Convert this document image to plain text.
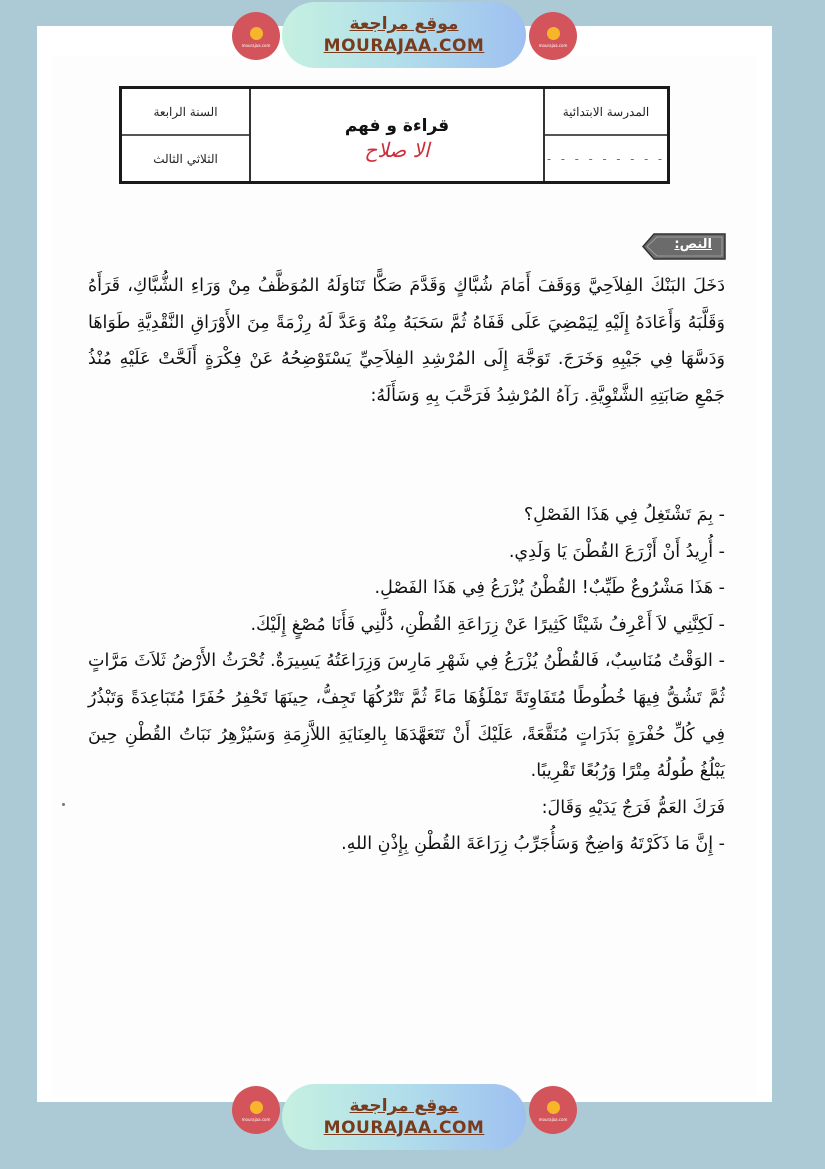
mourajaa.com
موقع مراجعة
MOURAJAA.COM	mourajaa.com
السنة الرابعة
الثلاثي الثالث
قراءة و فهم
الا صلاح
المدرسة الابتدائية
- - - - - - - - -
النص:

دَخَلَ البَنْكَ الفِلاَحِيَّ وَوَقَفَ أَمَامَ شُبَّاكٍ وَقَدَّمَ صَكًّا تَنَاوَلَهُ المُوَظَّفُ مِنْ وَرَاءِ الشُّبَّاكِ، قَرَأَهُ وَقَلَّبَهُ وَأَعَادَهُ إِلَيْهِ لِيَمْضِيَ عَلَى قَفَاهُ ثُمَّ سَحَبَهُ مِنْهُ وَعَدَّ لَهُ رِزْمَةً مِنَ الأَوْرَاقِ النَّقْدِيَّةِ طَوَاهَا وَدَسَّهَا فِي جَيْبِهِ وَخَرَجَ. تَوَجَّهَ إِلَى المُرْشِدِ الفِلاَحِيِّ يَسْتَوْضِحُهُ عَنْ فِكْرَةٍ أَلَحَّتْ عَلَيْهِ مُنْذُ جَمْعِ صَابَتِهِ الشَّتْوِيَّةِ. رَآهُ المُرْشِدُ فَرَحَّبَ بِهِ وَسَأَلَهُ:

- بِمَ تَشْتَغِلُ فِي هَذَا الفَصْلِ؟
- أُرِيدُ أَنْ أَزْرَعَ القُطْنَ يَا وَلَدِي.
- هَذَا مَشْرُوعٌ طَيِّبٌ! القُطْنُ يُزْرَعُ فِي هَذَا الفَصْلِ.
- لَكِنَّنِي لاَ أَعْرِفُ شَيْئًا كَثِيرًا عَنْ زِرَاعَةِ القُطْنِ، دُلَّنِي فَأَنَا مُصْغٍ إِلَيْكَ.
- الوَقْتُ مُنَاسِبٌ، فَالقُطْنُ يُزْرَعُ فِي شَهْرِ مَارِسَ وَزِرَاعَتُهُ يَسِيرَةٌ. تُحْرَثُ الأَرْضُ ثَلاَثَ مَرَّاتٍ ثُمَّ تَشُقُّ فِيهَا خُطُوطًا مُتَفَاوِتَةً تَمْلَؤُهَا مَاءً ثُمَّ تَتْرُكُهَا تَجِفُّ، حِينَهَا تَحْفِرُ حُفَرًا مُتَبَاعِدَةً وَتَبْذُرُ فِي كُلِّ حُفْرَةٍ بَذَرَاتٍ مُنَقَّعَةً، عَلَيْكَ أَنْ تَتَعَهَّدَهَا بِالعِنَايَةِ اللاَّزِمَةِ وَسَيُزْهِرُ نَبَاتُ القُطْنِ حِينَ يَبْلُغُ طُولُهُ مِتْرًا وَرُبُعًا تَقْرِيبًا.
فَرَكَ العَمُّ فَرَجٌ يَدَيْهِ وَقَالَ:
- إِنَّ مَا ذَكَرْتَهُ وَاضِحٌ وَسَأُجَرِّبُ زِرَاعَةَ القُطْنِ بِإِذْنِ اللهِ.
mourajaa.com
موقع مراجعة
MOURAJAA.COM	mourajaa.com
